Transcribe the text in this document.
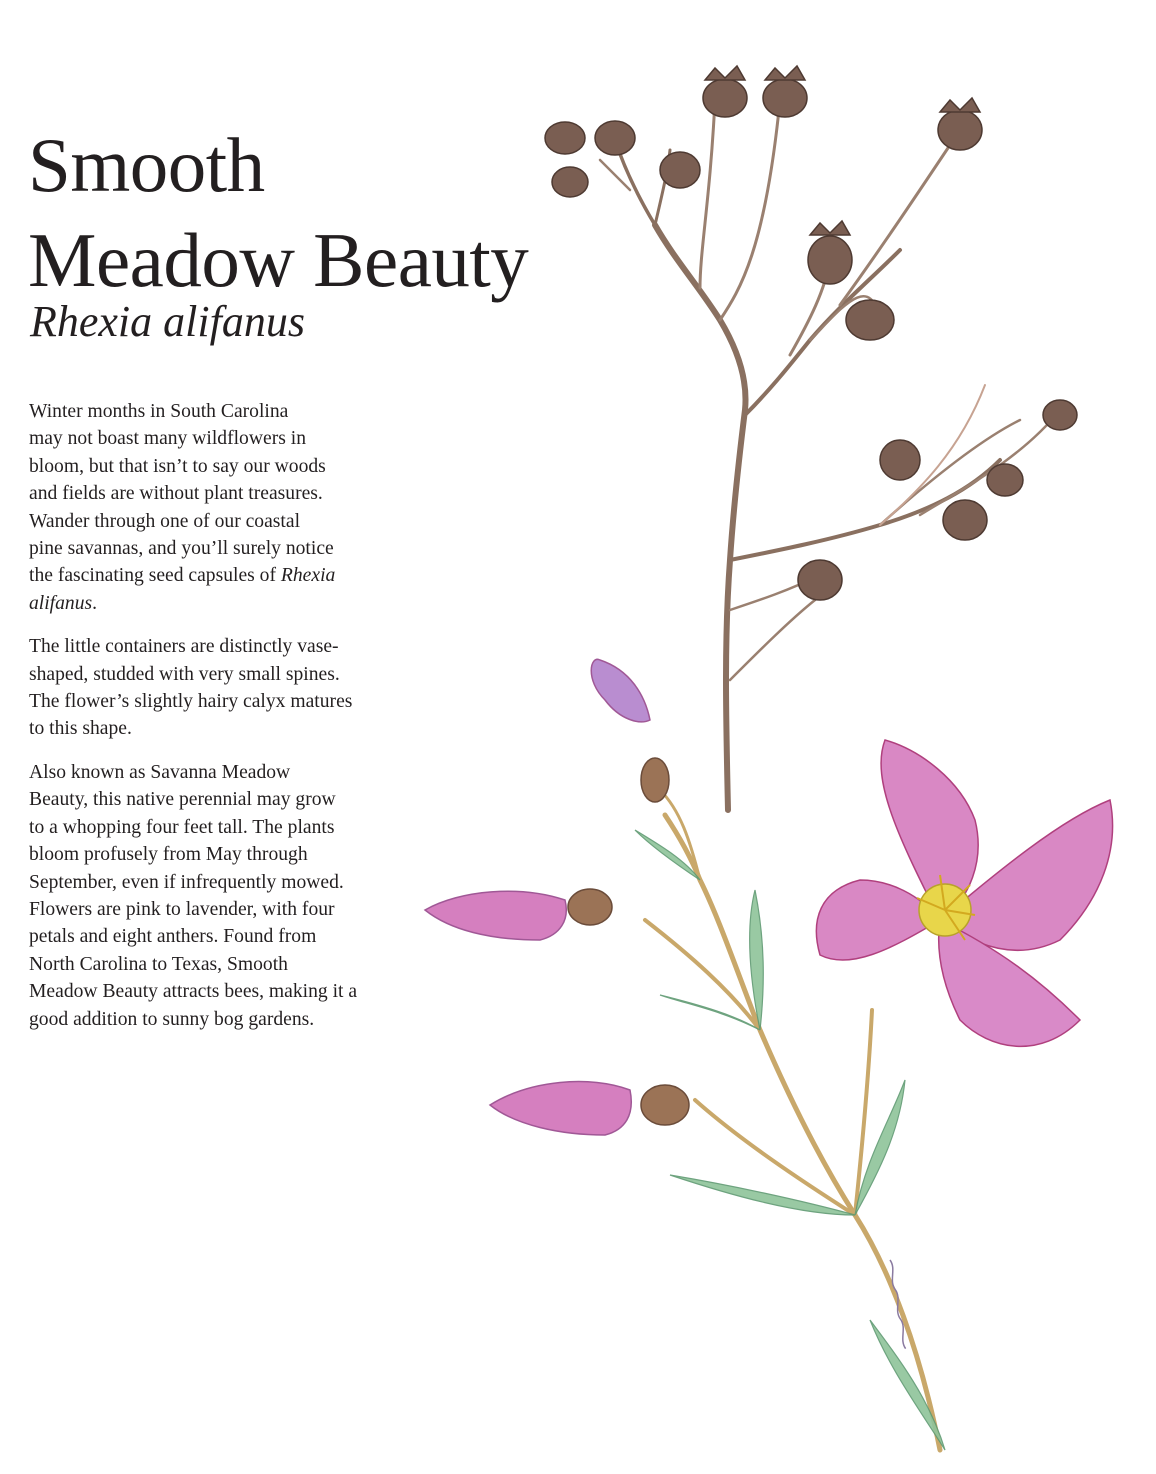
Smooth
Meadow Beauty
Rhexia alifanus

Winter months in South Carolina
may not boast many wildflowers in
bloom, but that isn’t to say our woods
and fields are without plant treasures.
Wander through one of our coastal
pine savannas, and you’ll surely notice
the fascinating seed capsules of Rhexia
alifanus.

The little containers are distinctly vase-
shaped, studded with very small spines.
The flower’s slightly hairy calyx matures
to this shape.

Also known as Savanna Meadow
Beauty, this native perennial may grow
to a whopping four feet tall. The plants
bloom profusely from May through
September, even if infrequently mowed.
Flowers are pink to lavender, with four
petals and eight anthers. Found from
North Carolina to Texas, Smooth
Meadow Beauty attracts bees, making it a
good addition to sunny bog gardens.
